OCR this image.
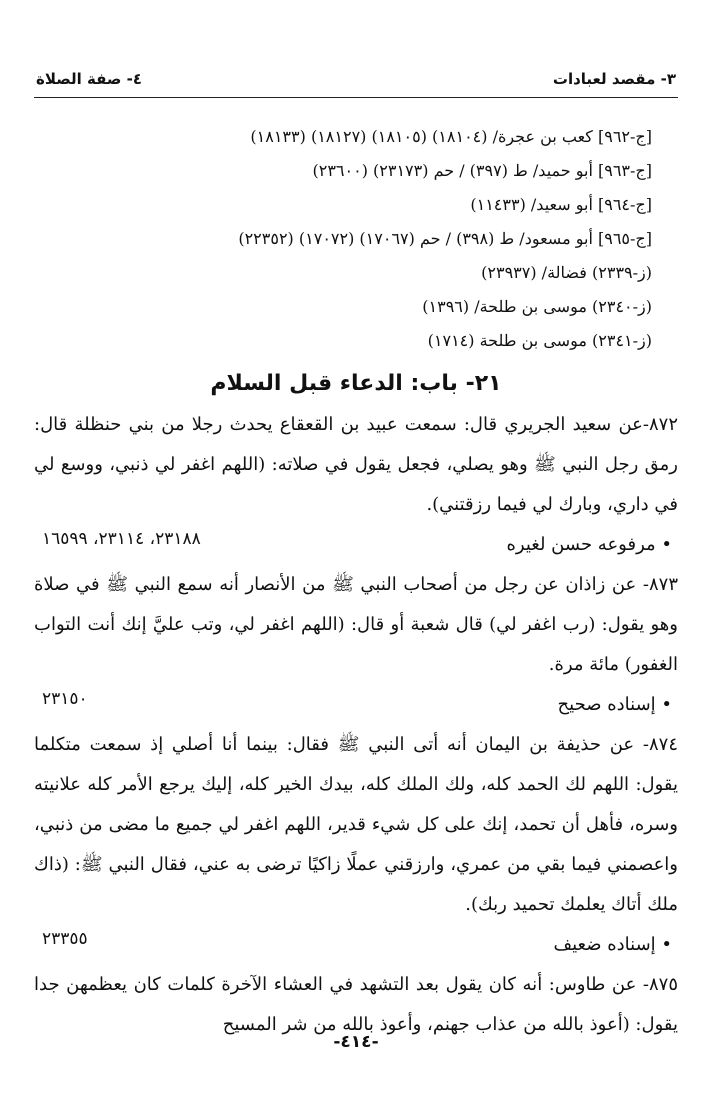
٣- مقصد لعبادات
٤- صفة الصلاة
[ج-٩٦٢] كعب بن عجرة/ (١٨١٠٤) (١٨١٠٥) (١٨١٢٧) (١٨١٣٣)
[ج-٩٦٣] أبو حميد/ ط (٣٩٧) / حم (٢٣١٧٣) (٢٣٦٠٠)
[ج-٩٦٤] أبو سعيد/ (١١٤٣٣)
[ج-٩٦٥] أبو مسعود/ ط (٣٩٨) / حم (١٧٠٦٧) (١٧٠٧٢) (٢٢٣٥٢)
(ز-٢٣٣٩) فضالة/ (٢٣٩٣٧)
(ز-٢٣٤٠) موسى بن طلحة/ (١٣٩٦)
(ز-٢٣٤١) موسى بن طلحة (١٧١٤)
٢١- باب: الدعاء قبل السلام

٨٧٢-عن سعيد الجريري قال: سمعت عبيد بن القعقاع يحدث رجلا من بني حنظلة قال: رمق رجل النبي ﷺ وهو يصلي، فجعل يقول في صلاته: (اللهم اغفر لي ذنبي، ووسع لي في داري، وبارك لي فيما رزقتني).

• مرفوعه حسن لغيره
٢٣١٨٨، ٢٣١١٤، ١٦٥٩٩

٨٧٣- عن زاذان عن رجل من أصحاب النبي ﷺ من الأنصار أنه سمع النبي ﷺ في صلاة وهو يقول: (رب اغفر لي) قال شعبة أو قال: (اللهم اغفر لي، وتب عليَّ إنك أنت التواب الغفور) مائة مرة.

• إسناده صحيح
٢٣١٥٠

٨٧٤- عن حذيفة بن اليمان أنه أتى النبي ﷺ فقال: بينما أنا أصلي إذ سمعت متكلما يقول: اللهم لك الحمد كله، ولك الملك كله، بيدك الخير كله، إليك يرجع الأمر كله علانيته وسره، فأهل أن تحمد، إنك على كل شيء قدير، اللهم اغفر لي جميع ما مضى من ذنبي، واعصمني فيما بقي من عمري، وارزقني عملًا زاكيًا ترضى به عني، فقال النبي ﷺ: (ذاك ملك أتاك يعلمك تحميد ربك).

• إسناده ضعيف
٢٣٣٥٥

٨٧٥- عن طاوس: أنه كان يقول بعد التشهد في العشاء الآخرة كلمات كان يعظمهن جدا يقول: (أعوذ بالله من عذاب جهنم، وأعوذ بالله من شر المسيح

-٤١٤-
